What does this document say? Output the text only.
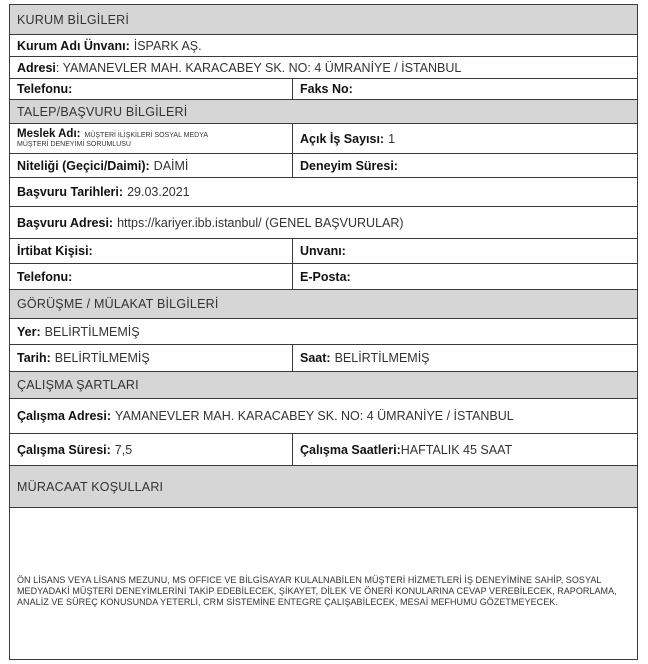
KURUM BİLGİLERİ
Kurum Adı Ünvanı: İSPARK AŞ.
Adresi : YAMANEVLER MAH. KARACABEY SK. NO: 4 ÜMRANİYE / İSTANBUL
Telefonu:	Faks No:
TALEP/BAŞVURU BİLGİLERİ
Meslek Adı: MÜŞTERİ İLİŞKİLERİ SOSYAL MEDYA
MÜŞTERİ DENEYİMİ SORUMLUSU	Açık İş Sayısı: 1
Niteliği (Geçici/Daimi): DAİMİ	Deneyim Süresi:
Başvuru Tarihleri: 29.03.2021
Başvuru Adresi: https://kariyer.ibb.istanbul/ (GENEL BAŞVURULAR)
İrtibat Kişisi:	Unvanı:
Telefonu:	E-Posta:
GÖRÜŞME / MÜLAKAT BİLGİLERİ
Yer: BELİRTİLMEMİŞ
Tarih: BELİRTİLMEMİŞ	Saat: BELİRTİLMEMİŞ
ÇALIŞMA ŞARTLARI
Çalışma Adresi: YAMANEVLER MAH. KARACABEY SK. NO: 4 ÜMRANİYE / İSTANBUL
Çalışma Süresi: 7,5	Çalışma Saatleri: HAFTALIK 45 SAAT
MÜRACAAT KOŞULLARI
ÖN LİSANS VEYA LİSANS MEZUNU, MS OFFICE VE BİLGİSAYAR KULALNABİLEN MÜŞTERİ HİZMETLERİ İŞ DENEYİMİNE SAHİP, SOSYAL MEDYADAKİ MÜŞTERİ DENEYİMLERİNİ TAKİP EDEBİLECEK, ŞİKAYET, DİLEK VE ÖNERİ KONULARINA CEVAP VEREBİLECEK, RAPORLAMA, ANALİZ VE SÜREÇ KONUSUNDA YETERLİ, CRM SİSTEMİNE ENTEGRE ÇALIŞABİLECEK, MESAİ MEFHUMU GÖZETMEYECEK.
